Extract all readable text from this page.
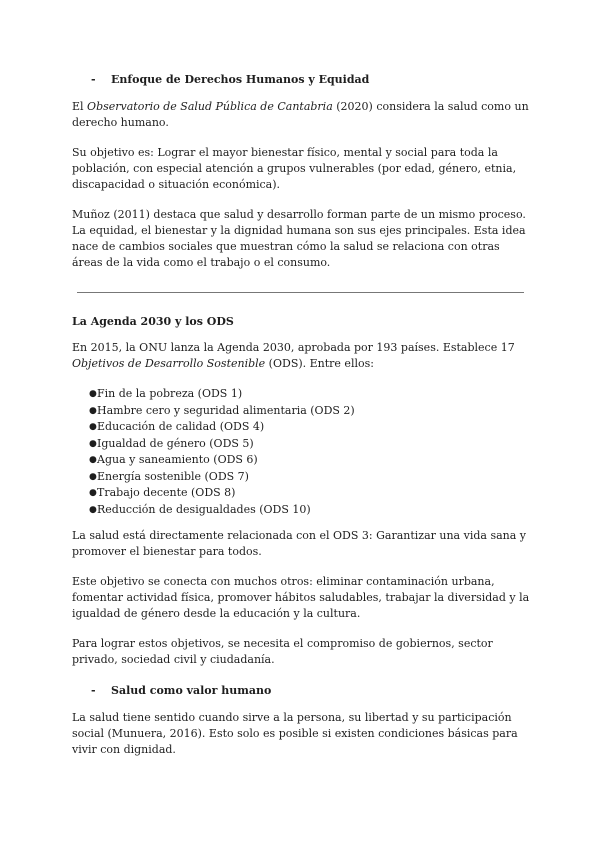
-	Enfoque de Derechos Humanos y Equidad

El Observatorio de Salud Pública de Cantabria (2020) considera la salud como un derecho humano.

Su objetivo es: Lograr el mayor bienestar físico, mental y social para toda la población, con especial atención a grupos vulnerables (por edad, género, etnia, discapacidad o situación económica).

Muñoz (2011) destaca que salud y desarrollo forman parte de un mismo proceso. La equidad, el bienestar y la dignidad humana son sus ejes principales. Esta idea nace de cambios sociales que muestran cómo la salud se relaciona con otras áreas de la vida como el trabajo o el consumo.

La Agenda 2030 y los ODS

En 2015, la ONU lanza la Agenda 2030, aprobada por 193 países. Establece 17 Objetivos de Desarrollo Sostenible (ODS). Entre ellos:

●
Fin de la pobreza (ODS 1)
●
Hambre cero y seguridad alimentaria (ODS 2)
●
Educación de calidad (ODS 4)
●
Igualdad de género (ODS 5)
●
Agua y saneamiento (ODS 6)
●
Energía sostenible (ODS 7)
●
Trabajo decente (ODS 8)
●
Reducción de desigualdades (ODS 10)

La salud está directamente relacionada con el ODS 3: Garantizar una vida sana y promover el bienestar para todos.

Este objetivo se conecta con muchos otros: eliminar contaminación urbana, fomentar actividad física, promover hábitos saludables, trabajar la diversidad y la igualdad de género desde la educación y la cultura.

Para lograr estos objetivos, se necesita el compromiso de gobiernos, sector privado, sociedad civil y ciudadanía.

-	Salud como valor humano

La salud tiene sentido cuando sirve a la persona, su libertad y su participación social (Munuera, 2016). Esto solo es posible si existen condiciones básicas para vivir con dignidad.
